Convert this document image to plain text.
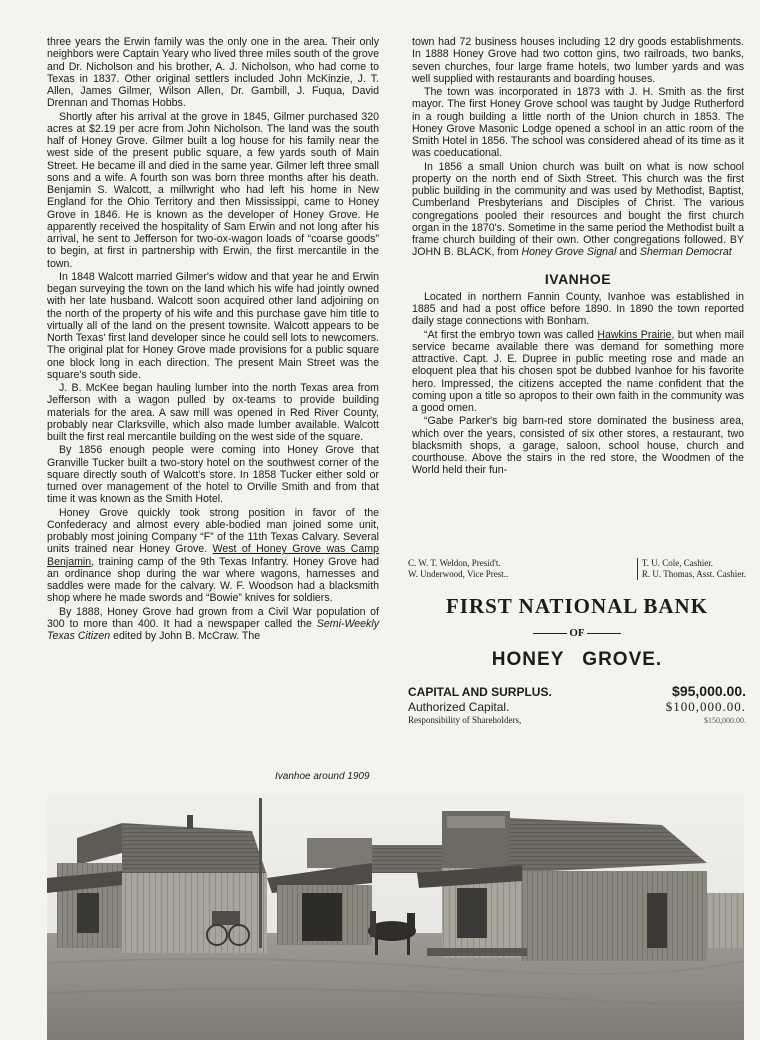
three years the Erwin family was the only one in the area. Their only neighbors were Captain Yeary who lived three miles south of the grove and Dr. Nicholson and his brother, A. J. Nicholson, who had come to Texas in 1837. Other original settlers included John McKinzie, J. T. Allen, James Gilmer, Wilson Allen, Dr. Gambill, J. Fuqua, David Drennan and Thomas Hobbs.

Shortly after his arrival at the grove in 1845, Gilmer purchased 320 acres at $2.19 per acre from John Nicholson. The land was the south half of Honey Grove. Gilmer built a log house for his family near the west side of the present public square, a few yards south of Main Street. He became ill and died in the same year. Gilmer left three small sons and a wife. A fourth son was born three months after his death. Benjamin S. Walcott, a millwright who had left his home in New England for the Ohio Territory and then Mississippi, came to Honey Grove in 1846. He is known as the developer of Honey Grove. He apparently received the hospitality of Sam Erwin and not long after his arrival, he sent to Jefferson for two-ox-wagon loads of “coarse goods” to begin, at first in partnership with Erwin, the first mercantile in the town.

In 1848 Walcott married Gilmer's widow and that year he and Erwin began surveying the town on the land which his wife had jointly owned with her late husband. Walcott soon acquired other land adjoining on the north of the property of his wife and this purchase gave him title to virtually all of the land on the present townsite. Walcott appears to be North Texas' first land developer since he could sell lots to newcomers. The original plat for Honey Grove made provisions for a public square one block long in each direction. The present Main Street was the square's south side.

J. B. McKee began hauling lumber into the north Texas area from Jefferson with a wagon pulled by ox-teams to provide building materials for the area. A saw mill was opened in Red River County, probably near Clarksville, which also made lumber available. Walcott built the first real mercantile building on the west side of the square.

By 1856 enough people were coming into Honey Grove that Granville Tucker built a two-story hotel on the southwest corner of the square directly south of Walcott's store. In 1858 Tucker either sold or turned over management of the hotel to Orville Smith and from that time it was known as the Smith Hotel.

Honey Grove quickly took strong position in favor of the Confederacy and almost every able-bodied man joined some unit, probably most joining Company “F” of the 11th Texas Calvary. Several units trained near Honey Grove. West of Honey Grove was Camp Benjamin, training camp of the 9th Texas Infantry. Honey Grove had an ordinance shop during the war where wagons, harnesses and saddles were made for the calvary. W. F. Woodson had a blacksmith shop where he made swords and “Bowie” knives for soldiers.

By 1888, Honey Grove had grown from a Civil War population of 300 to more than 400. It had a newspaper called the Semi-Weekly Texas Citizen edited by John B. McCraw. The

town had 72 business houses including 12 dry goods establishments. In 1888 Honey Grove had two cotton gins, two railroads, two banks, seven churches, four large frame hotels, two lumber yards and was well supplied with restaurants and boarding houses.

The town was incorporated in 1873 with J. H. Smith as the first mayor. The first Honey Grove school was taught by Judge Rutherford in a rough building a little north of the Union church in 1853. The Honey Grove Masonic Lodge opened a school in an attic room of the Smith Hotel in 1856. The school was considered ahead of its time as it was coeducational.

In 1856 a small Union church was built on what is now school property on the north end of Sixth Street. This church was the first public building in the community and was used by Methodist, Baptist, Cumberland Presbyterians and Disciples of Christ. The various congregations pooled their resources and bought the first church organ in the 1870's. Sometime in the same period the Methodist built a frame church building of their own. Other congregations followed. BY JOHN B. BLACK, from Honey Grove Signal and Sherman Democrat

IVANHOE

Located in northern Fannin County, Ivanhoe was established in 1885 and had a post office before 1890. In 1890 the town reported daily stage connections with Bonham.

“At first the embryo town was called Hawkins Prairie, but when mail service became available there was demand for something more attractive. Capt. J. E. Dupree in public meeting rose and made an eloquent plea that his chosen spot be dubbed Ivanhoe for his favorite hero. Impressed, the citizens accepted the name confident that the coming upon a title so apropos to their own faith in the community was a good omen.

“Gabe Parker's big barn-red store dominated the business area, which over the years, consisted of six other stores, a restaurant, two blacksmith shops, a garage, saloon, school house, church and courthouse. Above the stairs in the red store, the Woodmen of the World held their fun-

C. W. T. Weldon, Presid't.
W. Underwood, Vice Prest..
T. U. Cole, Cashier.
R. U. Thomas, Asst. Cashier.
FIRST NATIONAL BANK
OF
HONEY GROVE.
CAPITAL AND SURPLUS.	$95,000.00.
Authorized Capital.	$100,000.00.
Responsibility of Shareholders,	$150,000.00.
Ivanhoe around 1909
